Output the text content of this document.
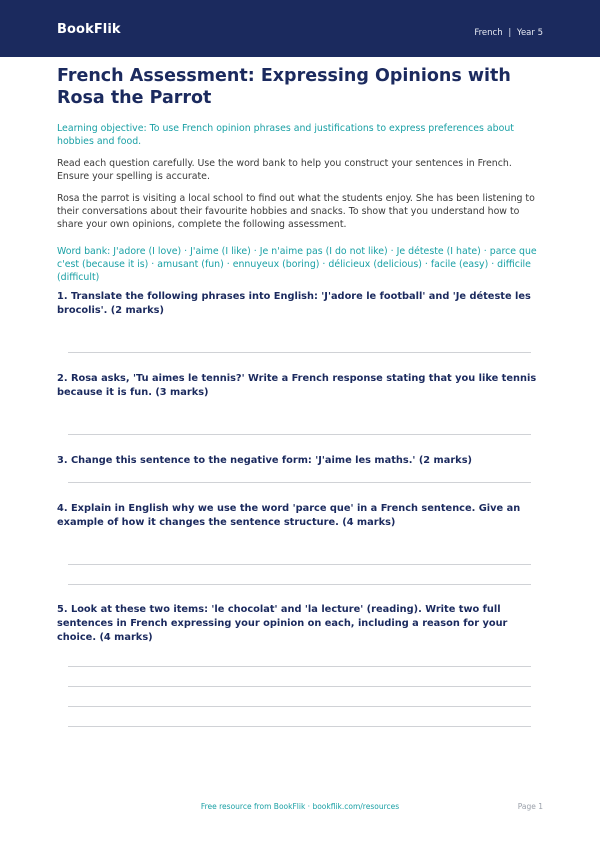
BookFlik	French | Year 5
French Assessment: Expressing Opinions with Rosa the Parrot

Learning objective: To use French opinion phrases and justifications to express preferences about hobbies and food.

Read each question carefully. Use the word bank to help you construct your sentences in French. Ensure your spelling is accurate.

Rosa the parrot is visiting a local school to find out what the students enjoy. She has been listening to their conversations about their favourite hobbies and snacks. To show that you understand how to share your own opinions, complete the following assessment.

Word bank: J'adore (I love) · J'aime (I like) · Je n'aime pas (I do not like) · Je déteste (I hate) · parce que c'est (because it is) · amusant (fun) · ennuyeux (boring) · délicieux (delicious) · facile (easy) · difficile (difficult)

1. Translate the following phrases into English: 'J'adore le football' and 'Je déteste les brocolis'. (2 marks)
2. Rosa asks, 'Tu aimes le tennis?' Write a French response stating that you like tennis because it is fun. (3 marks)
3. Change this sentence to the negative form: 'J'aime les maths.' (2 marks)
4. Explain in English why we use the word 'parce que' in a French sentence. Give an example of how it changes the sentence structure. (4 marks)
5. Look at these two items: 'le chocolat' and 'la lecture' (reading). Write two full sentences in French expressing your opinion on each, including a reason for your choice. (4 marks)
Free resource from BookFlik · bookflik.com/resources	Page 1
